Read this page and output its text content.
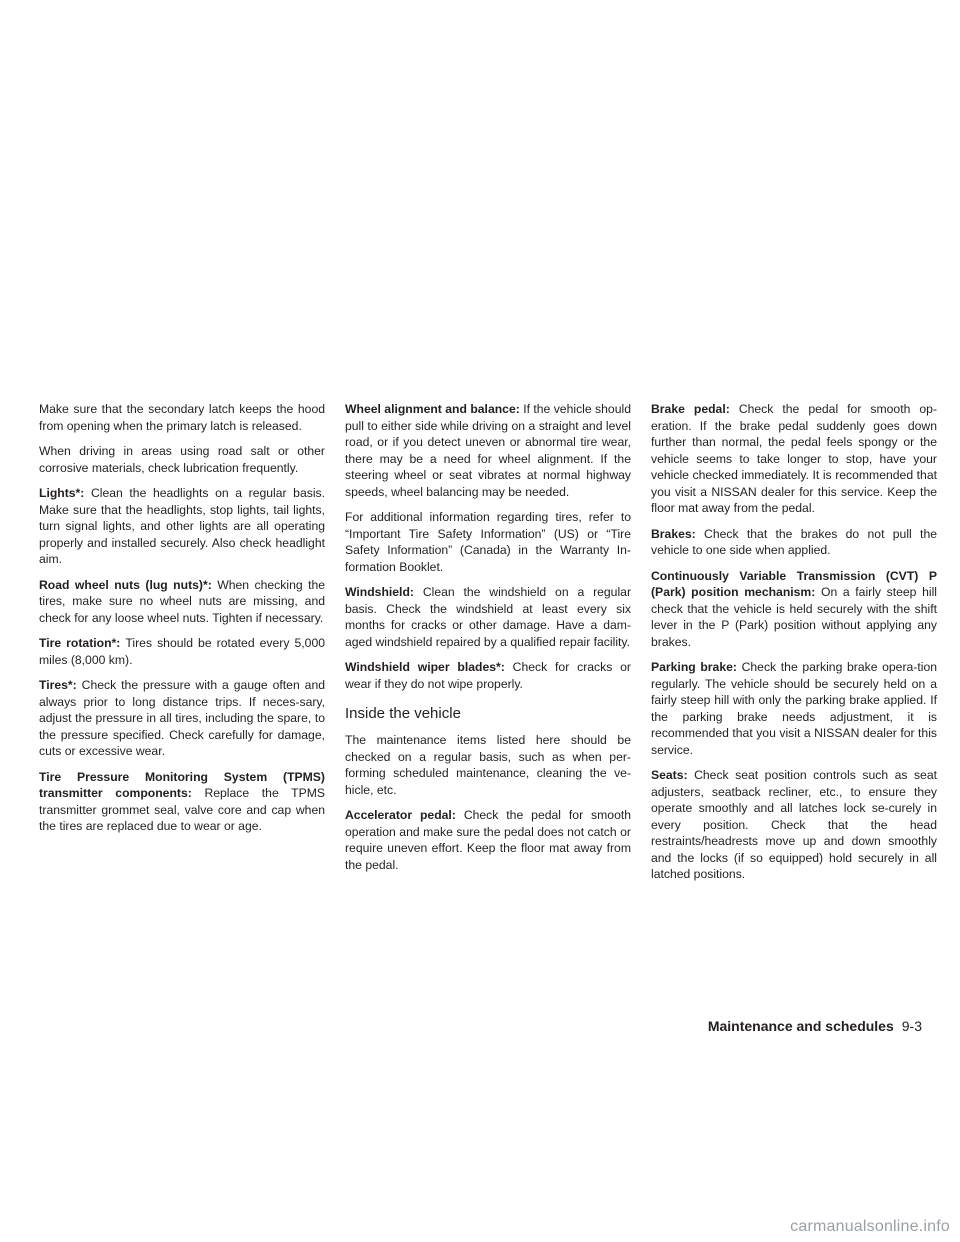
Make sure that the secondary latch keeps the hood from opening when the primary latch is released.

When driving in areas using road salt or other corrosive materials, check lubrication frequently.

Lights*: Clean the headlights on a regular basis. Make sure that the headlights, stop lights, tail lights, turn signal lights, and other lights are all operating properly and installed securely. Also check headlight aim.

Road wheel nuts (lug nuts)*: When checking the tires, make sure no wheel nuts are missing, and check for any loose wheel nuts. Tighten if necessary.

Tire rotation*: Tires should be rotated every 5,000 miles (8,000 km).

Tires*: Check the pressure with a gauge often and always prior to long distance trips. If neces-sary, adjust the pressure in all tires, including the spare, to the pressure specified. Check carefully for damage, cuts or excessive wear.

Tire Pressure Monitoring System (TPMS) transmitter components: Replace the TPMS transmitter grommet seal, valve core and cap when the tires are replaced due to wear or age.

Wheel alignment and balance: If the vehicle should pull to either side while driving on a straight and level road, or if you detect uneven or abnormal tire wear, there may be a need for wheel alignment. If the steering wheel or seat vibrates at normal highway speeds, wheel balancing may be needed.

For additional information regarding tires, refer to “Important Tire Safety Information” (US) or “Tire Safety Information” (Canada) in the Warranty In-formation Booklet.

Windshield: Clean the windshield on a regular basis. Check the windshield at least every six months for cracks or other damage. Have a dam-aged windshield repaired by a qualified repair facility.

Windshield wiper blades*: Check for cracks or wear if they do not wipe properly.

Inside the vehicle

The maintenance items listed here should be checked on a regular basis, such as when per-forming scheduled maintenance, cleaning the ve-hicle, etc.

Accelerator pedal: Check the pedal for smooth operation and make sure the pedal does not catch or require uneven effort. Keep the floor mat away from the pedal.

Brake pedal: Check the pedal for smooth op-eration. If the brake pedal suddenly goes down further than normal, the pedal feels spongy or the vehicle seems to take longer to stop, have your vehicle checked immediately. It is recommended that you visit a NISSAN dealer for this service. Keep the floor mat away from the pedal.

Brakes: Check that the brakes do not pull the vehicle to one side when applied.

Continuously Variable Transmission (CVT) P (Park) position mechanism: On a fairly steep hill check that the vehicle is held securely with the shift lever in the P (Park) position without applying any brakes.

Parking brake: Check the parking brake opera-tion regularly. The vehicle should be securely held on a fairly steep hill with only the parking brake applied. If the parking brake needs adjustment, it is recommended that you visit a NISSAN dealer for this service.

Seats: Check seat position controls such as seat adjusters, seatback recliner, etc., to ensure they operate smoothly and all latches lock se-curely in every position. Check that the head restraints/headrests move up and down smoothly and the locks (if so equipped) hold securely in all latched positions.

Maintenance and schedules 9-3
carmanualsonline.info
